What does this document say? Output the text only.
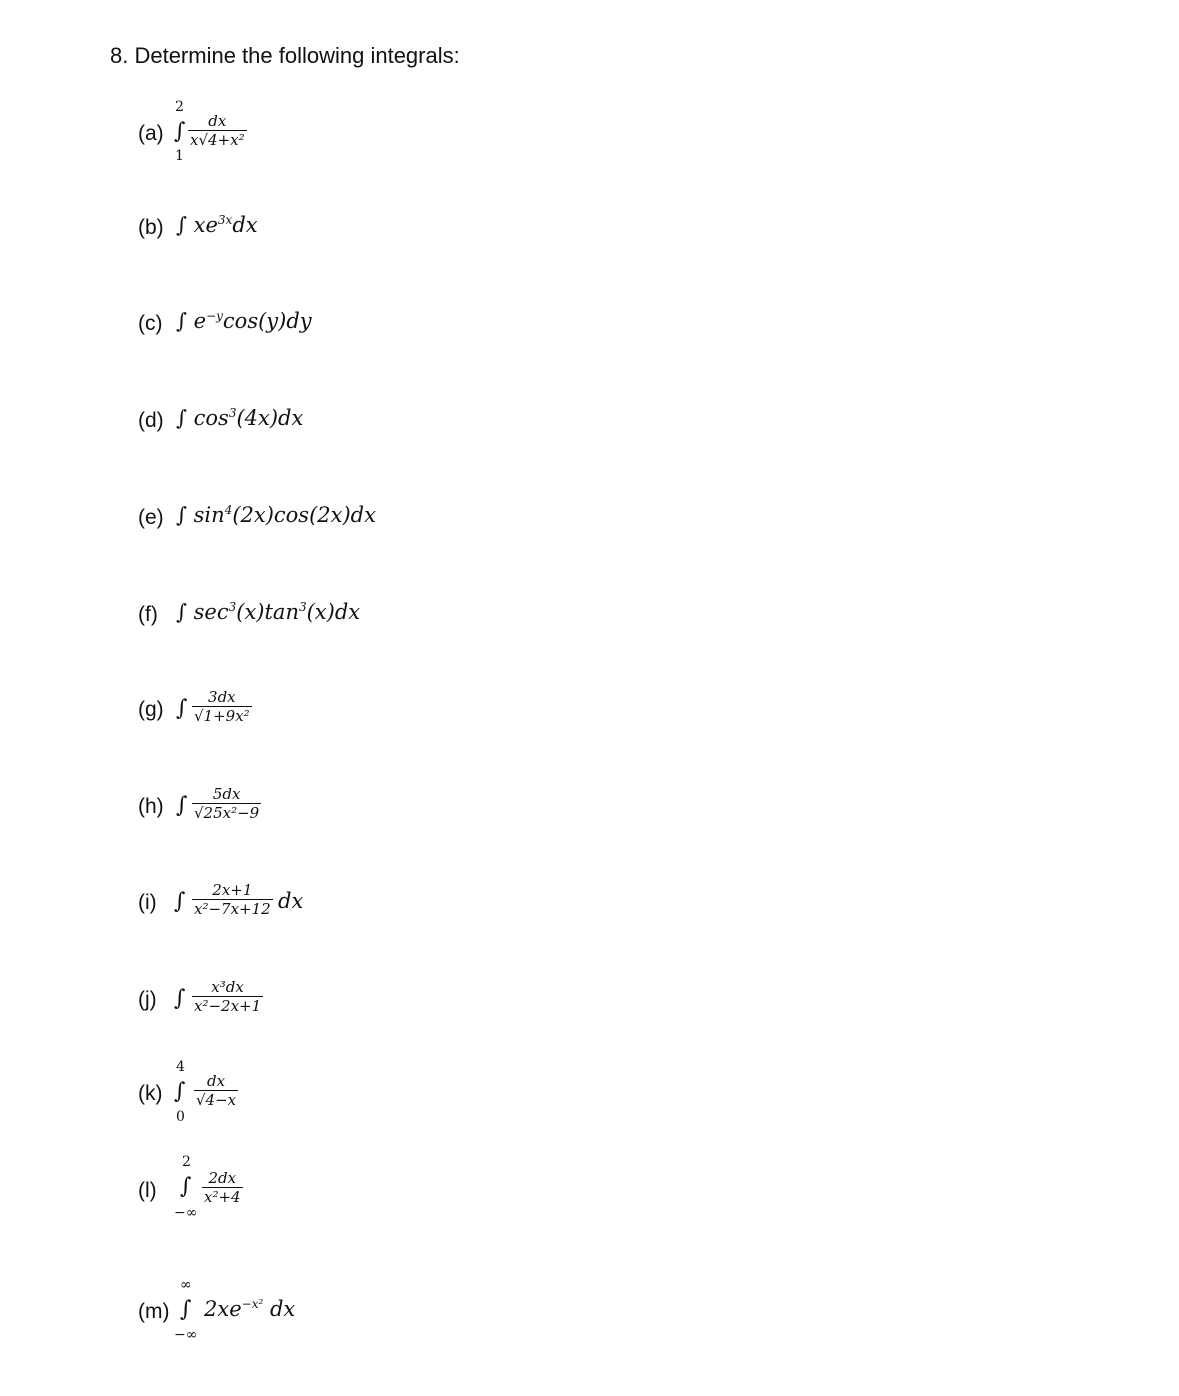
8. Determine the following integrals:
(a)
2
∫
1
dx
x√4+x²
(b) ∫ $xe^{3x}dx$
(c) ∫ $e^{-y}\cos(y)dy$
(d) ∫ $\cos^3(4x)dx$
(e) ∫ $\sin^4(2x)\cos(2x)dx$
(f) ∫ $\sec^3(x)\tan^3(x)dx$
(g) ∫ 3dx
√1+9x²
(h) ∫ 5dx
√25x²−9
(i) ∫ 2x+1
x²−7x+12 dx
(j) ∫ x³dx
x²−2x+1
(k)
4
∫
0
dx
√4−x
(l)
2
∫
−∞
2dx
x²+4
(m)
∞
∫
−∞
$2xe^{-x^2}$ dx
